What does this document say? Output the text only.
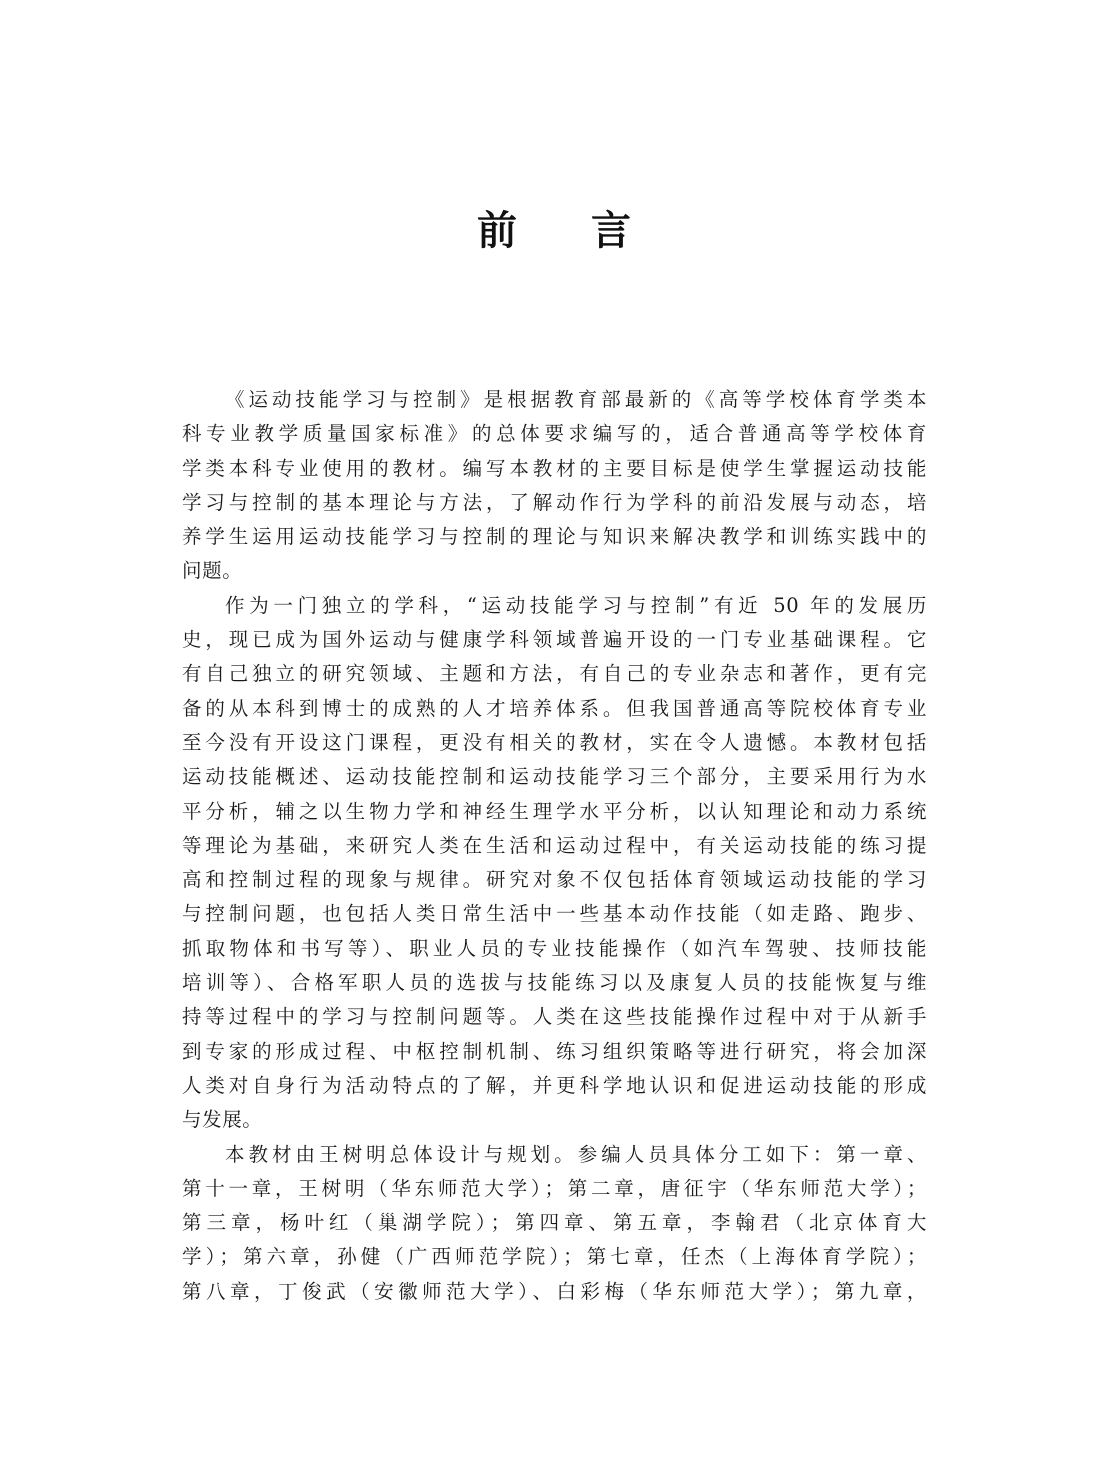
前 言
《运动技能学习与控制》是根据教育部最新的《高等学校体育学类本
科专业教学质量国家标准》的总体要求编写的，适合普通高等学校体育
学类本科专业使用的教材。编写本教材的主要目标是使学生掌握运动技能
学习与控制的基本理论与方法，了解动作行为学科的前沿发展与动态，培
养学生运用运动技能学习与控制的理论与知识来解决教学和训练实践中的
问题。
作为一门独立的学科，“运动技能学习与控制”有近 50 年的发展历
史，现已成为国外运动与健康学科领域普遍开设的一门专业基础课程。它
有自己独立的研究领域、主题和方法，有自己的专业杂志和著作，更有完
备的从本科到博士的成熟的人才培养体系。但我国普通高等院校体育专业
至今没有开设这门课程，更没有相关的教材，实在令人遗憾。本教材包括
运动技能概述、运动技能控制和运动技能学习三个部分，主要采用行为水
平分析，辅之以生物力学和神经生理学水平分析，以认知理论和动力系统
等理论为基础，来研究人类在生活和运动过程中，有关运动技能的练习提
高和控制过程的现象与规律。研究对象不仅包括体育领域运动技能的学习
与控制问题，也包括人类日常生活中一些基本动作技能（如走路、跑步、
抓取物体和书写等）、职业人员的专业技能操作（如汽车驾驶、技师技能
培训等）、合格军职人员的选拔与技能练习以及康复人员的技能恢复与维
持等过程中的学习与控制问题等。人类在这些技能操作过程中对于从新手
到专家的形成过程、中枢控制机制、练习组织策略等进行研究，将会加深
人类对自身行为活动特点的了解，并更科学地认识和促进运动技能的形成
与发展。
本教材由王树明总体设计与规划。参编人员具体分工如下：第一章、
第十一章，王树明（华东师范大学）；第二章，唐征宇（华东师范大学）；
第三章，杨叶红（巢湖学院）；第四章、第五章，李翰君（北京体育大
学）；第六章，孙健（广西师范学院）；第七章，任杰（上海体育学院）；
第八章，丁俊武（安徽师范大学）、白彩梅（华东师范大学）；第九章，
